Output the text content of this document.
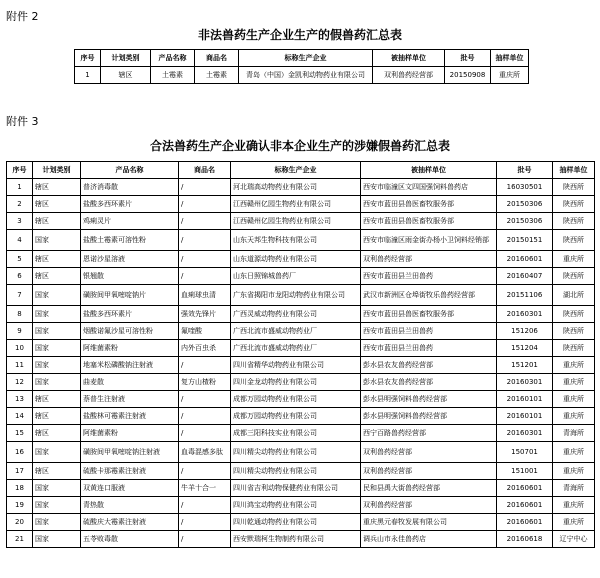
附件 2
非法兽药生产企业生产的假兽药汇总表
序号	计划类别	产品名称	商品名	标称生产企业	被抽样单位	批号	抽样单位
1	辖区	土霉素	土霉素	青岛（中国）金凯利动物药业有限公司	双利兽药经营部	20150908	重庆所
附件 3
合法兽药生产企业确认非本企业生产的涉嫌假兽药汇总表
序号	计划类别	产品名称	商品名	标称生产企业	被抽样单位	批号	抽样单位
1	辖区	普济消毒散	/	河北瑞高动物药业有限公司	西安市临潼区文四国强饲料兽药店	16030501	陕西所
2	辖区	盐酸多西环素片	/	江西赣州亿园生物药业有限公司	西安市蓝田县兽医畜牧服务部	20150306	陕西所
3	辖区	鸡痢灵片	/	江西赣州亿园生物药业有限公司	西安市蓝田县兽医畜牧服务部	20150306	陕西所
4	国家	盐酸土霉素可溶性粉	/	山东天邦生物科技有限公司	西安市临潼区雨金街办杨小卫饲料经销部	20150151	陕西所
5	辖区	恩诺沙星溶液	/	山东道源动物药业有限公司	双利兽药经营部	20160601	重庆所
6	辖区	银翘散	/	山东日照锦城兽药厂	西安市蓝田县兰田兽药	20160407	陕西所
7	国家	磺胺间甲氧嘧啶钠片	血痢球虫清	广东省揭阳市龙阳动物药业有限公司	武汉市新洲区仓埠街牧乐兽药经营部	20151106	湖北所
8	国家	盐酸多西环素片	强效先锋片	广西灵威动物药业有限公司	西安市蓝田县兽医畜牧服务部	20160301	陕西所
9	国家	烟酸诺氟沙星可溶性粉	氟喹酸	广西北流市盛威动物药业厂	西安市蓝田县兰田兽药	151206	陕西所
10	国家	阿维菌素粉	内外百虫杀	广西北流市盛威动物药业厂	西安市蓝田县兰田兽药	151204	陕西所
11	国家	地塞米松磷酸钠注射液	/	四川省精华动物药业有限公司	彭水县农友兽药经营部	151201	重庆所
12	国家	曲麦散	复方山楂粉	四川金龙动物药业有限公司	彭水县农友兽药经营部	20160301	重庆所
13	辖区	萘普生注射液	/	成都万园动物药业有限公司	彭水县明强饲料兽药经营部	20160101	重庆所
14	辖区	盐酸林可霉素注射液	/	成都万园动物药业有限公司	彭水县明强饲料兽药经营部	20160101	重庆所
15	辖区	阿维菌素粉	/	成都三阳科技实业有限公司	西宁百路兽药经营部	20160301	青海所
16	国家	磺胺间甲氧嘧啶钠注射液	血毒混感多肽	四川精尖动物药业有限公司	双利兽药经营部	150701	重庆所
17	辖区	硫酸卡那霉素注射液	/	四川精尖动物药业有限公司	双利兽药经营部	151001	重庆所
18	国家	双黄连口服液	牛羊十合一	四川省吉利动物保健药业有限公司	民和县禹大街兽药经营部	20160601	青海所
19	国家	青热散	/	四川鸿宝动物药业有限公司	双利兽药经营部	20160601	重庆所
20	国家	硫酸庆大霉素注射液	/	四川乾通动物药业有限公司	重庆黑元春牧发展有限公司	20160601	重庆所
21	国家	五苓败毒散	/	西安默瑞柯生物制药有限公司	调兵山市永佳兽药店	20160618	辽宁中心
